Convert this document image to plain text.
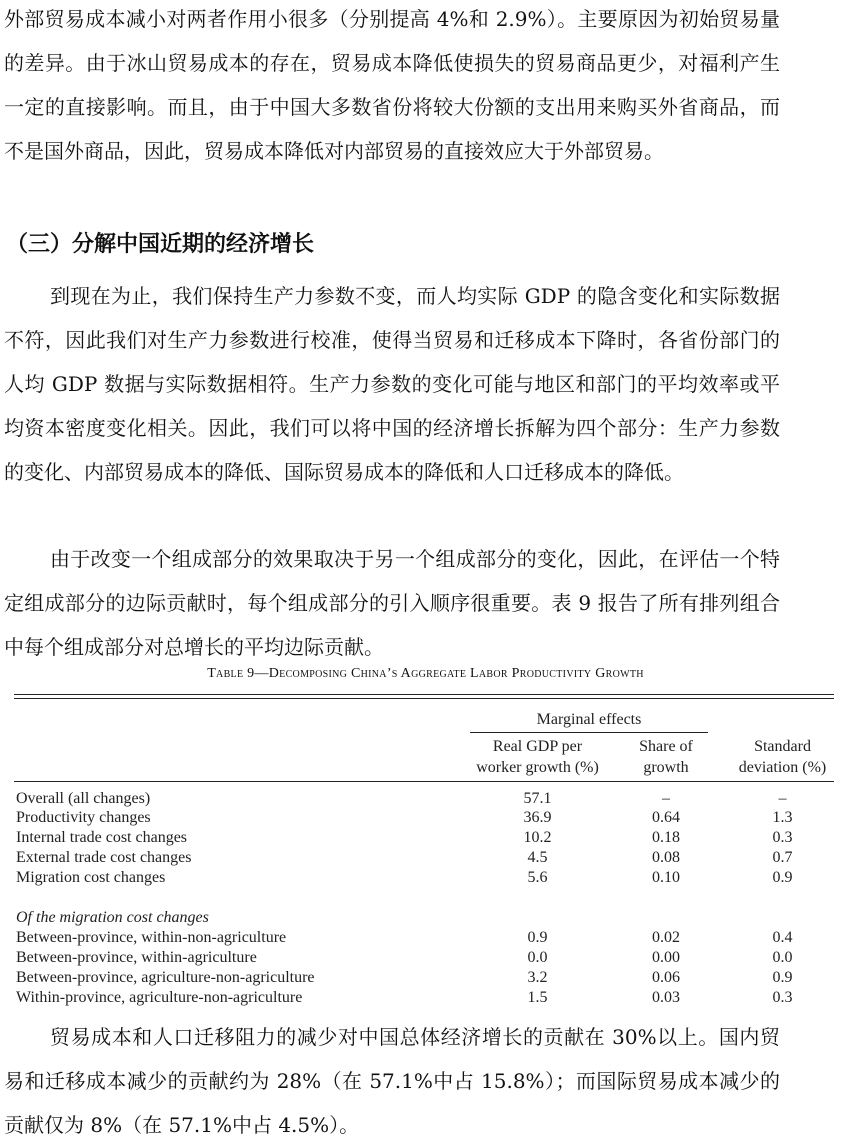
外部贸易成本减小对两者作用小很多（分别提高 4%和 2.9%）。主要原因为初始贸易量的差异。由于冰山贸易成本的存在，贸易成本降低使损失的贸易商品更少，对福利产生一定的直接影响。而且，由于中国大多数省份将较大份额的支出用来购买外省商品，而不是国外商品，因此，贸易成本降低对内部贸易的直接效应大于外部贸易。

（三）分解中国近期的经济增长

到现在为止，我们保持生产力参数不变，而人均实际 GDP 的隐含变化和实际数据不符，因此我们对生产力参数进行校准，使得当贸易和迁移成本下降时，各省份部门的人均 GDP 数据与实际数据相符。生产力参数的变化可能与地区和部门的平均效率或平均资本密度变化相关。因此，我们可以将中国的经济增长拆解为四个部分：生产力参数的变化、内部贸易成本的降低、国际贸易成本的降低和人口迁移成本的降低。

由于改变一个组成部分的效果取决于另一个组成部分的变化，因此，在评估一个特定组成部分的边际贡献时，每个组成部分的引入顺序很重要。表 9 报告了所有排列组合中每个组成部分对总增长的平均边际贡献。

Table 9—Decomposing China’s Aggregate Labor Productivity Growth
Marginal effects
Real GDP per
worker growth (%)
Share of
growth
Standard
deviation (%)
Overall (all changes)	57.1	–	–
Productivity changes	36.9	0.64	1.3
Internal trade cost changes	10.2	0.18	0.3
External trade cost changes	4.5	0.08	0.7
Migration cost changes	5.6	0.10	0.9
Of the migration cost changes
Between-province, within-non-agriculture	0.9	0.02	0.4
Between-province, within-agriculture	0.0	0.00	0.0
Between-province, agriculture-non-agriculture	3.2	0.06	0.9
Within-province, agriculture-non-agriculture	1.5	0.03	0.3

贸易成本和人口迁移阻力的减少对中国总体经济增长的贡献在 30%以上。国内贸易和迁移成本减少的贡献约为 28%（在 57.1%中占 15.8%）；而国际贸易成本减少的贡献仅为 8%（在 57.1%中占 4.5%）。
